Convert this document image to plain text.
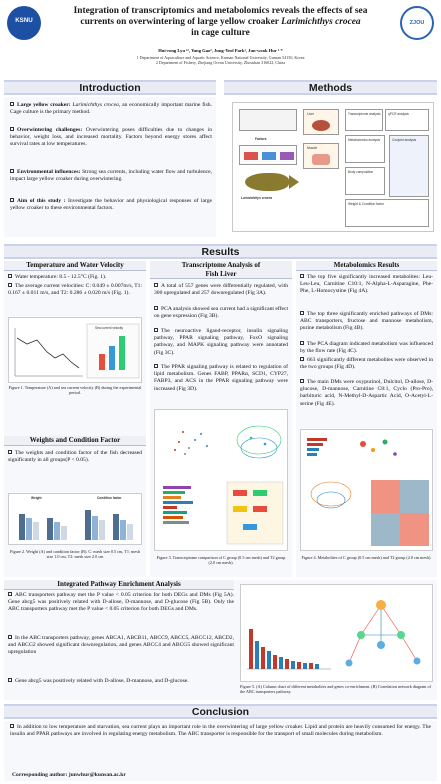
KSNU	ZJOU
Integration of transcriptomics and metabolomics reveals the effects of sea
currents on overwintering of large yellow croaker Larimichthys crocea
in cage culture
Hui-rong Lyu ¹², Yang Gao², Jung-Yeol Park¹, Jun-wook Hur ¹ *
1 Department of Aquaculture and Aquatic Science, Kunsan National University, Gunsan 54150, Korea
2 Department of Fishery, Zhejiang Ocean University, Zhoushan 316022, China
Introduction	Methods
Large yellow croaker: Larimichthys crocea, an economically important marine fish. Cage culture is the primary method.
Overwintering challenges: Overwintering poses difficulties due to changes in behavior, weight loss, and increased mortality. Factors beyond energy stores affect survival rates at low temperatures.
Environmental influences: Strong sea currents, including water flow and turbulence, impact large yellow croaker during overwintering.
Aim of this study : Investigate the behavior and physiological responses of large yellow croaker to these environmental factors.
Factors
Larimichthys crocea
Liver
Muscle
Transcriptome analysis qPCR analysis
Metabolomics analysis	Conjoint analysis
Body composition
Weight & Condition factor
Results
Temperature and Water Velocity
Water temperature: 8.5 - 12.5°C (Fig. 1).
The average current velocities: C: 0.049 ± 0.007m/s, T1: 0.167 ± 0.011 m/s, and T2: 0.286 ± 0.020 m/s (Fig. 1).
Sea current velocity
Figure 1. Temperature (A) and sea current velocity (B) during the experimental period.
Weights and Condition Factor
The weights and condition factor of the fish decreased significantly in all groups(P < 0.05).
Weight	Condition factor
Figure 2. Weight (A) and condition factor (B). C: mesh size 0.5 cm, T1: mesh size 1.0 cm, T2: mesh size 2.0 cm
Transcriptome Analysis of
Fish Liver
A total of 557 genes were differentially regulated, with 300 upregulated and 257 downregulated (Fig 3A).
PCA analysis showed sea current had a significant effect on gene expression (Fig 3B).
The neuroactive ligand-receptor, insulin signaling pathway, PPAR signaling pathway, FoxO signaling pathway, and MAPK signaling pathway were annotated (Fig 3C).
The PPAR signaling pathway is related to regulation of lipid metabolism. Genes FABP, PPARα, SCD1, CYP27, FABP3, and ACS in the PPAR signaling pathway were increased (Fig 3D).
Figure 3. Transcriptome comparison of C group (0.5 cm mesh) and T2 group (2.0 cm mesh).
Metabolomics Results
The top five significantly increased metabolites: Leu-Leu-Leu, Carnitine C10:1, N-Alpha-L-Asparagine, Phe-Phe, L-Homocystine (Fig 4A).
The top three significantly enriched pathways of DMs: ABC transporters, fructose and mannose metabolism, purine metabolism (Fig 4B).
The PCA diagram indicated metabolism was influenced by the flow rate (Fig 4C).
663 significantly different metabolites were observed in the two groups (Fig 4D).
The main DMs were oxypurinol, Dulcitol, D-allose, D-glucose, D-mannose, Carnitine C8:1, Cyclo (Pro-Pro), barbituric acid, N-Methyl-D-Aspartic Acid, O-Acetyl-L-serine (Fig 4E).
Figure 4. Metabolites of C group (0.5 cm mesh) and T2 group (2.0 cm mesh).
Integrated Pathway Enrichment Analysis
ABC transporters pathway met the P value < 0.05 criterion for both DEGs and DMs (Fig 5A). Gene abcg5 was positively related with D-allose, D-mannose, and D-glucose (Fig 5B). Only the ABC transporters pathway met the P value < 0.05 criterion for both DEGs and DMs.
In the ABC transporters pathway, genes ABCA1, ABCB11, ABCC9, ABCC5, ABCC12, ABCD2, and ABCG2 showed significant downregulation, and genes ABCC4 and ABCG5 showed significant upregulation
Gene abcg5 was positively related with D-allose, D-mannose, and D-glucose.
Figure 5. (A) Column chart of different metabolites and genes co-enrichment. (B) Correlation network diagram of the ABC transporters pathway.
Conclusion
In addition to low temperature and starvation, sea current plays an important role in the overwintering of large yellow croaker. Lipid and protein are heavily consumed for energy. The insulin and PPAR pathways are involved in regulating energy metabolism. The ABC transporter is responsible for the transport of small molecules during metabolism.
Corresponding author: junwhur@kunsan.ac.kr
